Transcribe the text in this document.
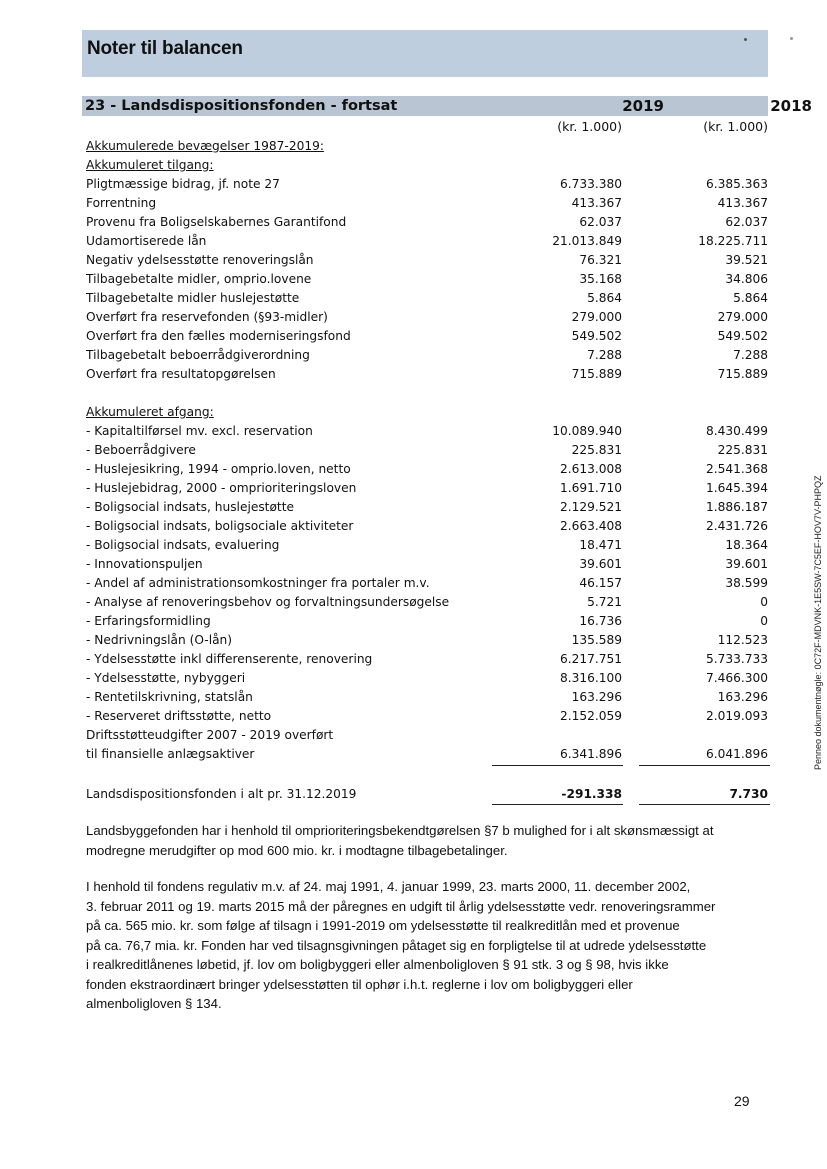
Noter til balancen
23 - Landsdispositionsfonden - fortsat	2019	2018
(kr. 1.000)	(kr. 1.000)
Akkumulerede bevægelser 1987-2019:
Akkumuleret tilgang:
Pligtmæssige bidrag, jf. note 27	6.733.380	6.385.363
Forrentning	413.367	413.367
Provenu fra Boligselskabernes Garantifond	62.037	62.037
Udamortiserede lån	21.013.849	18.225.711
Negativ ydelsesstøtte renoveringslån	76.321	39.521
Tilbagebetalte midler, omprio.lovene	35.168	34.806
Tilbagebetalte midler huslejestøtte	5.864	5.864
Overført fra reservefonden (§93-midler)	279.000	279.000
Overført fra den fælles moderniseringsfond	549.502	549.502
Tilbagebetalt beboerrådgiverordning	7.288	7.288
Overført fra resultatopgørelsen	715.889	715.889
Akkumuleret afgang:
- Kapitaltilførsel mv. excl. reservation	10.089.940	8.430.499
- Beboerrådgivere	225.831	225.831
- Huslejesikring, 1994 - omprio.loven, netto	2.613.008	2.541.368
- Huslejebidrag, 2000 - omprioriteringsloven	1.691.710	1.645.394
- Boligsocial indsats, huslejestøtte	2.129.521	1.886.187
- Boligsocial indsats, boligsociale aktiviteter	2.663.408	2.431.726
- Boligsocial indsats, evaluering	18.471	18.364
- Innovationspuljen	39.601	39.601
- Andel af administrationsomkostninger fra portaler m.v.	46.157	38.599
- Analyse af renoveringsbehov og forvaltningsundersøgelse	5.721	0
- Erfaringsformidling	16.736	0
- Nedrivningslån (O-lån)	135.589	112.523
- Ydelsesstøtte inkl differenserente, renovering	6.217.751	5.733.733
- Ydelsesstøtte, nybyggeri	8.316.100	7.466.300
- Rentetilskrivning, statslån	163.296	163.296
- Reserveret driftsstøtte, netto	2.152.059	2.019.093
Driftsstøtteudgifter 2007 - 2019 overført
til finansielle anlægsaktiver	6.341.896	6.041.896
Landsdispositionsfonden i alt pr. 31.12.2019	-291.338	7.730

Landsbyggefonden har i henhold til omprioriteringsbekendtgørelsen §7 b mulighed for i alt skønsmæssigt at

modregne merudgifter op mod 600 mio. kr. i modtagne tilbagebetalinger.

I henhold til fondens regulativ m.v. af 24. maj 1991, 4. januar 1999, 23. marts 2000, 11. december 2002,

3. februar 2011 og 19. marts 2015 må der påregnes en udgift til årlig ydelsesstøtte vedr. renoveringsrammer

på ca. 565 mio. kr. som følge af tilsagn i 1991-2019 om ydelsesstøtte til realkreditlån med et provenue

på ca. 76,7 mia. kr. Fonden har ved tilsagnsgivningen påtaget sig en forpligtelse til at udrede ydelsesstøtte

i realkreditlånenes løbetid, jf. lov om boligbyggeri eller almenboligloven § 91 stk. 3 og § 98, hvis ikke

fonden ekstraordinært bringer ydelsesstøtten til ophør i.h.t. reglerne i lov om boligbyggeri eller

almenboligloven § 134.

29
Penneo dokumentnøgle: 0C72F-MDVNK-1E5SW-7C5EF-HOV7V-PHPQZ
